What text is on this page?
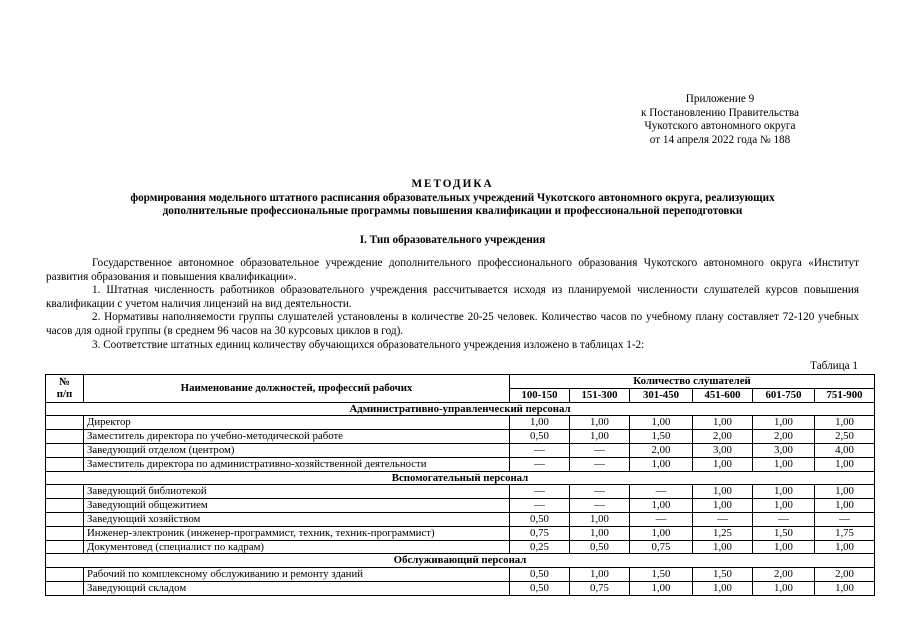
Приложение 9
к Постановлению Правительства
Чукотского автономного округа
от 14 апреля 2022 года № 188
МЕТОДИКА
формирования модельного штатного расписания образовательных учреждений Чукотского автономного округа, реализующих
дополнительные профессиональные программы повышения квалификации и профессиональной переподготовки
I. Тип образовательного учреждения

Государственное автономное образовательное учреждение дополнительного профессионального образования Чукотского автономного округа «Институт развития образования и повышения квалификации».

1. Штатная численность работников образовательного учреждения рассчитывается исходя из планируемой численности слушателей курсов повышения квалификации с учетом наличия лицензий на вид деятельности.

2. Нормативы наполняемости группы слушателей установлены в количестве 20-25 человек. Количество часов по учебному плану составляет 72-120 учебных часов для одной группы (в среднем 96 часов на 30 курсовых циклов в год).

3. Соответствие штатных единиц количеству обучающихся образовательного учреждения изложено в таблицах 1-2:

Таблица 1
№
п/п	Наименование должностей, профессий рабочих	Количество слушателей					
		100-150	151-300	301-450	451-600	601-750	751-900
Административно-управленческий персонал							
	Директор	1,00	1,00	1,00	1,00	1,00	1,00
	Заместитель директора по учебно-методической работе	0,50	1,00	1,50	2,00	2,00	2,50
	Заведующий отделом (центром)	—	—	2,00	3,00	3,00	4,00
	Заместитель директора по административно-хозяйственной деятельности	—	—	1,00	1,00	1,00	1,00
Вспомогательный персонал							
	Заведующий библиотекой	—	—	—	1,00	1,00	1,00
	Заведующий общежитием	—	—	1,00	1,00	1,00	1,00
	Заведующий хозяйством	0,50	1,00	—	—	—	—
	Инженер-электроник (инженер-программист, техник, техник-программист)	0,75	1,00	1,00	1,25	1,50	1,75
	Документовед (специалист по кадрам)	0,25	0,50	0,75	1,00	1,00	1,00
Обслуживающий персонал							
	Рабочий по комплексному обслуживанию и ремонту зданий	0,50	1,00	1,50	1,50	2,00	2,00
	Заведующий складом	0,50	0,75	1,00	1,00	1,00	1,00
